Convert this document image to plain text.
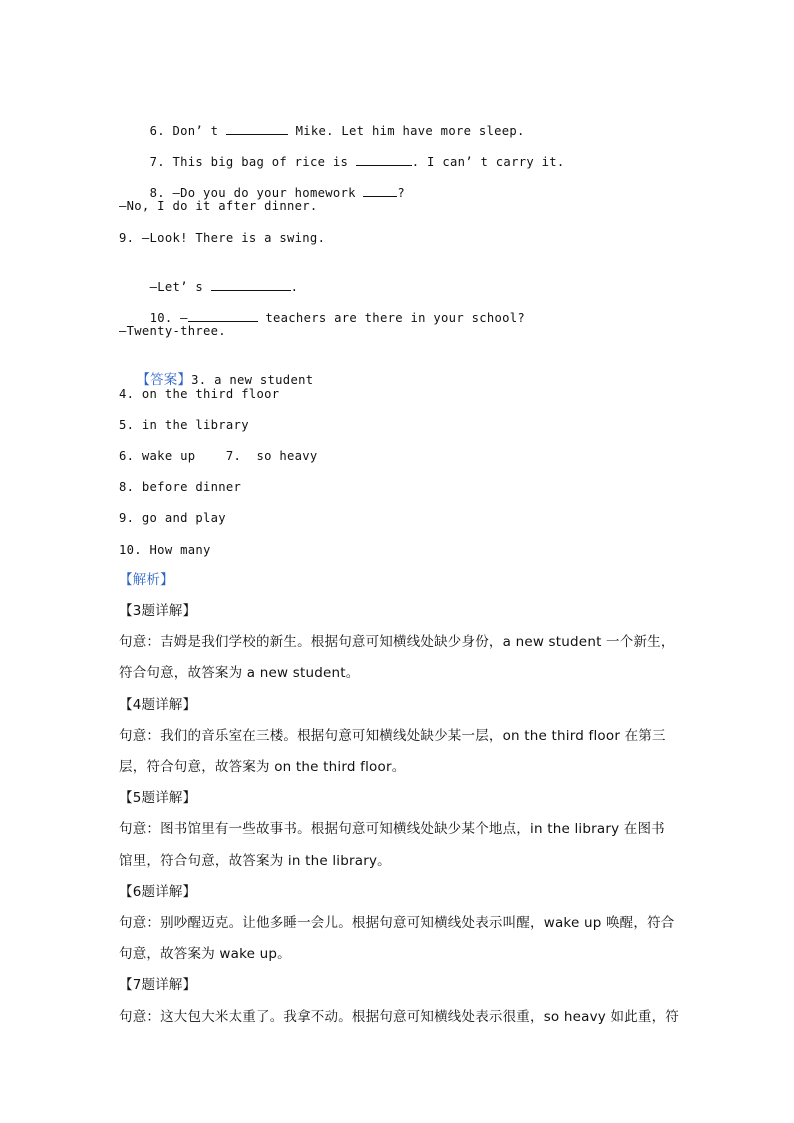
6. Don’ t	Mike. Let him have more sleep.

7. This big bag of rice is	. I can’ t carry it.

8. —Do you do your homework	?

—No, I do it after dinner.
9. —Look! There is a swing.

—Let’ s	.

10. —	teachers are there in your school?

—Twenty-three.

【答案】3. a new student

4. on the third floor
5. in the library
6. wake up    7.  so heavy
8. before dinner
9. go and play
10. How many
【解析】
【3题详解】
句意：吉姆是我们学校的新生。根据句意可知横线处缺少身份，a new student 一个新生，
符合句意，故答案为 a new student。
【4题详解】
句意：我们的音乐室在三楼。根据句意可知横线处缺少某一层，on the third floor 在第三
层，符合句意，故答案为 on the third floor。
【5题详解】
句意：图书馆里有一些故事书。根据句意可知横线处缺少某个地点，in the library 在图书
馆里，符合句意，故答案为 in the library。
【6题详解】
句意：别吵醒迈克。让他多睡一会儿。根据句意可知横线处表示叫醒，wake up 唤醒，符合
句意，故答案为 wake up。
【7题详解】
句意：这大包大米太重了。我拿不动。根据句意可知横线处表示很重，so heavy 如此重，符
